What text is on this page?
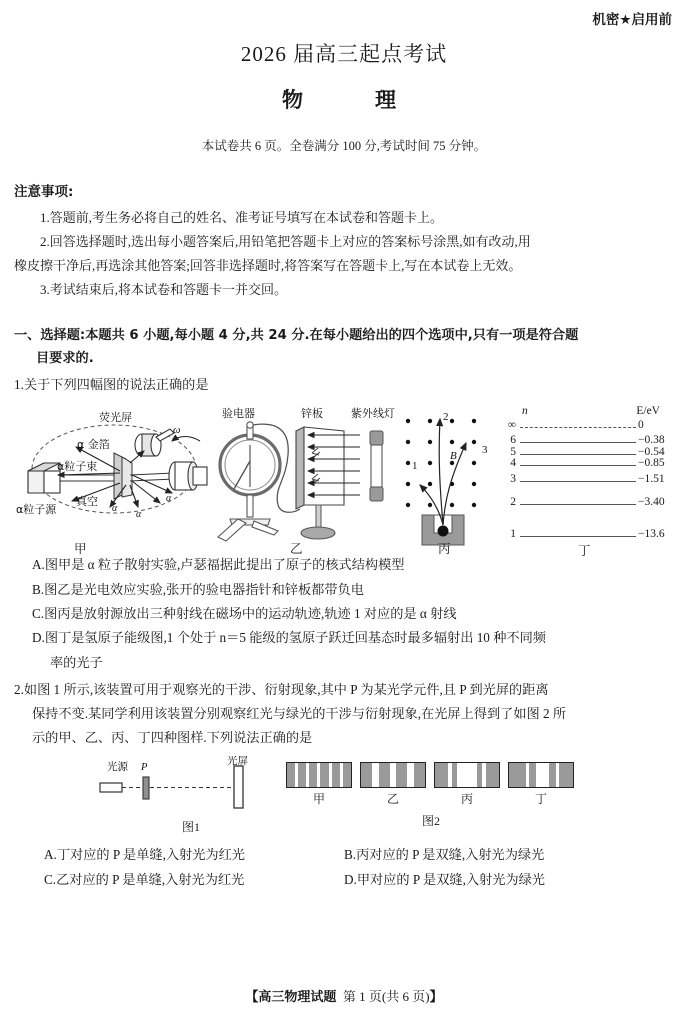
机密★启用前
2026 届高三起点考试
物　　理
本试卷共 6 页。全卷满分 100 分,考试时间 75 分钟。
注意事项:
1.答题前,考生务必将自己的姓名、准考证号填写在本试卷和答题卡上。
2.回答选择题时,选出每小题答案后,用铅笔把答题卡上对应的答案标号涂黑,如有改动,用
橡皮擦干净后,再选涂其他答案;回答非选择题时,将答案写在答题卡上,写在本试卷上无效。
3.考试结束后,将本试卷和答题卡一并交回。
一、选择题:本题共 6 小题,每小题 4 分,共 24 分.在每小题给出的四个选项中,只有一项是符合题
目要求的.
1.关于下列四幅图的说法正确的是
荧光屏
ω
α 金箔
α粒子束
α粒子源
真空
α
α
α
验电器	锌板	紫外线灯	2
1
3
B
n	E/eV
∞	0
6	−0.38
5	−0.54
4	−0.85
3	−1.51
2	−3.40
1	−13.6
甲	乙	丙	丁
A.图甲是 α 粒子散射实验,卢瑟福据此提出了原子的核式结构模型
B.图乙是光电效应实验,张开的验电器指针和锌板都带负电
C.图丙是放射源放出三种射线在磁场中的运动轨迹,轨迹 1 对应的是 α 射线
D.图丁是氢原子能级图,1 个处于 n＝5 能级的氢原子跃迁回基态时最多辐射出 10 种不同频
率的光子
2.如图 1 所示,该装置可用于观察光的干涉、衍射现象,其中 P 为某光学元件,且 P 到光屏的距离
保持不变.某同学利用该装置分别观察红光与绿光的干涉与衍射现象,在光屏上得到了如图 2 所
示的甲、乙、丙、丁四种图样.下列说法正确的是
光源 P
光屏
图1
甲	乙	丙	丁
图2
A.丁对应的 P 是单缝,入射光为红光	B.丙对应的 P 是双缝,入射光为绿光
C.乙对应的 P 是单缝,入射光为红光	D.甲对应的 P 是双缝,入射光为绿光
【高三物理试题 第 1 页(共 6 页)】
